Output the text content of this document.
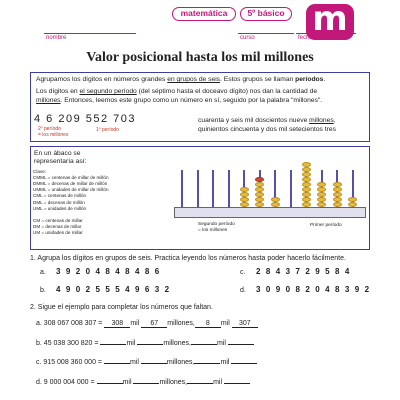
matemática	5º básico m
nombre	curso	fecha
Valor posicional hasta los mil millones
Agrupamos los dígitos en números grandes en grupos de seis. Estos grupos se llaman períodos.
Los dígitos en el segundo período (del séptimo hasta el doceavo dígito) nos dan la cantidad de
millones. Entonces, leemos este grupo como un número en sí, seguido por la palabra "millones".
4 6 209 552 703
2º período
= los millones
1º período
cuarenta y seis mil doscientos nueve millones,
quinientos cincuenta y dos mil setecientos tres
En un ábaco se
representaría así:
Clave:
CMML = centenas de millar de millón
DMML = decenas de millar de millón
UMML = unidades de millar de millón
CML = centenas de millón
DML = decenas de millón
UML = unidades de millón
CM = centenas de millar
DM = decenas de millar
UM = unidades de millar
Segundo período
= los millones
Primer período
1. Agrupa los dígitos en grupos de seis. Practica leyendo los números hasta poder hacerlo fácilmente.
a. 3 9 2 0 4 8 4 8 4 8 6	c. 2 8 4 3 7 2 9 5 8 4
b. 4 9 0 2 5 5 5 4 9 6 3 2	d. 3 0 9 0 8 2 0 4 8 3 9 2
2. Sigue el ejemplo para completar los números que faltan.
a. 308 067 008 307 = 308 mil 67 millones, 8 mil 307
b. 45 038 300 820 =	mil	millones,	mil
c. 915 008 360 000 =	mil	millones,	mil
d. 9 000 004 000 =	mil	millones,	mil
